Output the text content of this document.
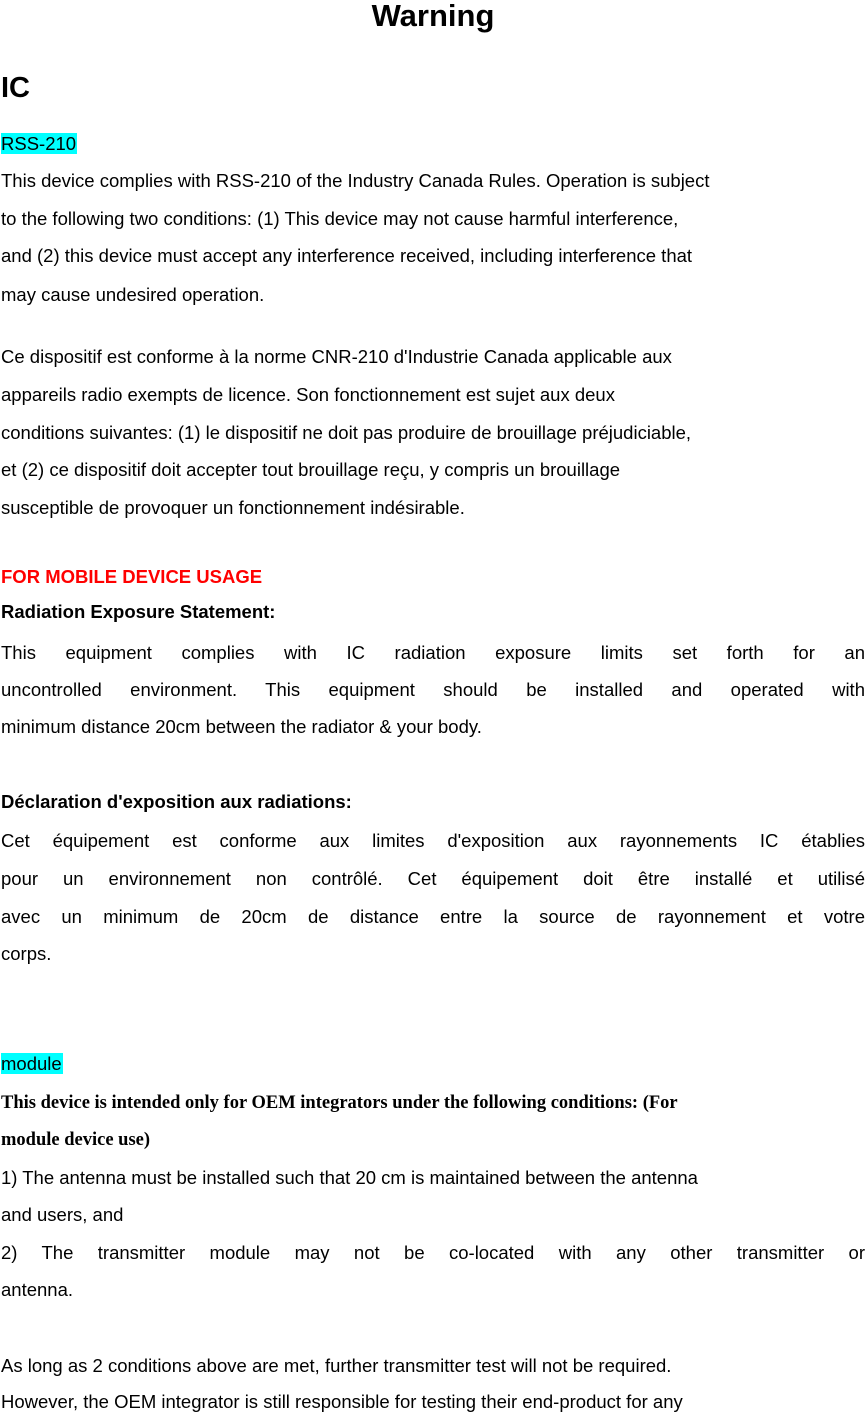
Warning
IC
RSS-210
This device complies with RSS-210 of the Industry Canada Rules. Operation is subject
to the following two conditions: (1) This device may not cause harmful interference,
and (2) this device must accept any interference received, including interference that
may cause undesired operation.
Ce dispositif est conforme à la norme CNR-210 d'Industrie Canada applicable aux
appareils radio exempts de licence. Son fonctionnement est sujet aux deux
conditions suivantes: (1) le dispositif ne doit pas produire de brouillage préjudiciable,
et (2) ce dispositif doit accepter tout brouillage reçu, y compris un brouillage
susceptible de provoquer un fonctionnement indésirable.
FOR MOBILE DEVICE USAGE
Radiation Exposure Statement:
This equipment complies with IC radiation exposure limits set forth for an
uncontrolled environment. This equipment should be installed and operated with
minimum distance 20cm between the radiator & your body.
Déclaration d'exposition aux radiations:
Cet équipement est conforme aux limites d'exposition aux rayonnements IC établies
pour un environnement non contrôlé. Cet équipement doit être installé et utilisé
avec un minimum de 20cm de distance entre la source de rayonnement et votre
corps.
module
This device is intended only for OEM integrators under the following conditions: (For
module device use)
1) The antenna must be installed such that 20 cm is maintained between the antenna
and users, and
2) The transmitter module may not be co-located with any other transmitter or
antenna.
As long as 2 conditions above are met, further transmitter test will not be required.
However, the OEM integrator is still responsible for testing their end-product for any
